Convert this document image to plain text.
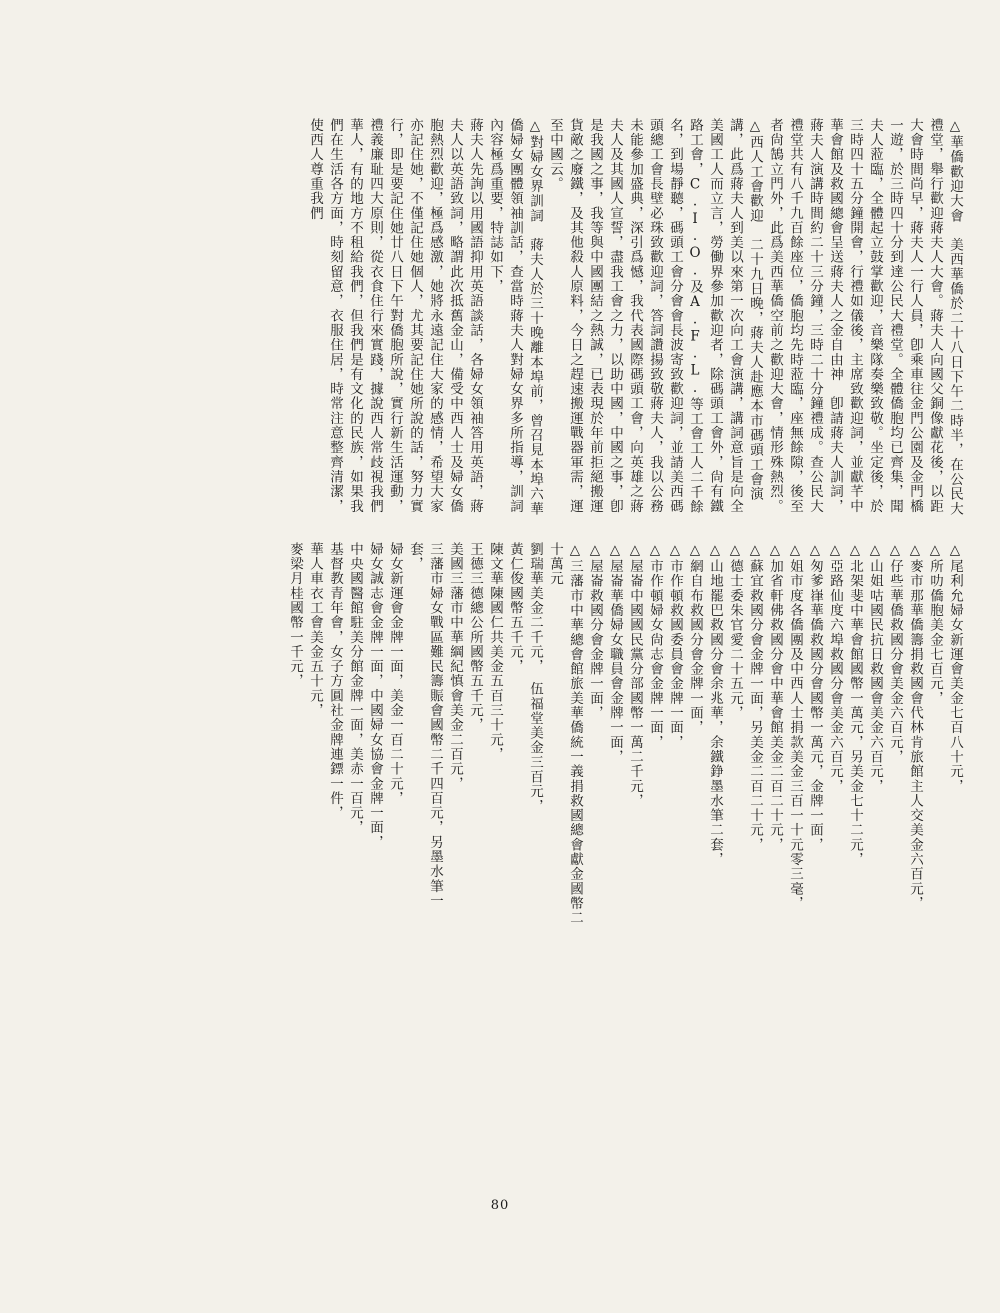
△華僑歡迎大會　美西華僑於二十八日下午二時半，在公民大禮堂，舉行歡迎蔣夫人大會。蔣夫人向國父銅像獻花後，以距大會時間尚早，蔣夫人一行人員，卽乘車往金門公園及金門橋一遊，於三時四十分到達公民大禮堂。全體僑胞均已齊集，聞夫人蒞臨，全體起立鼓掌歡迎，音樂隊奏樂致敬。坐定後，於三時四十五分鐘開會，行禮如儀後，主席致歡迎詞，並獻芊中華會館及救國總會呈送蔣夫人之金自由神　卽請蔣夫人訓詞，蔣夫人演講時間約二十三分鐘，三時二十分鐘禮成。查公民大禮堂共有八千九百餘座位，僑胞均先時蒞臨，座無餘隙，後至者尙鵠立門外，此爲美西華僑空前之歡迎大會，情形殊熱烈。

△西人工會歡迎　二十九日晚，蔣夫人赴應本市碼頭工會演講，此爲蔣夫人到美以來第一次向工會演講，講詞意旨是向全美國工人而立言，勞働界參加歡迎者，除碼頭工會外，尙有鐵路工會，C.I.O.及A.F.L.等工會工人二千餘名，到場靜聽，碼頭工會分會會長波寄致歡迎詞，並請美西碼頭總工會長壁必珠致歡迎詞，答詞讚揚致敬蔣夫人，我以公務未能參加盛典，深引爲憾，我代表國際碼頭工會，向英雄之蔣夫人及其國人宣誓，盡我工會之力，以助中國，中國之事，卽是我國之事，我等與中國團結之熱誠，已表現於年前拒絕搬運貨敵之廢鐵，及其他殺人原料，今日之趕速搬運戰器軍需，運至中國云。

△對婦女界訓詞　蔣夫人於三十晚離本埠前，曾召見本埠六華僑婦女團體領袖訓話，查當時蔣夫人對婦女界多所指導，訓詞內容極爲重要，特誌如下，

蔣夫人先詢以用國語抑用英語談話，各婦女領袖答用英語，蔣夫人以英語致詞，略謂此次抵舊金山，備受中西人士及婦女僑胞熱烈歡迎，極爲感激，她將永遠記住大家的感情，希望大家亦記住她，不僅記住她個人，尤其要記住她所說的話，努力實行，即是要記住她廿八日下午對僑胞所說，實行新生活運動，禮義廉耻四大原則，從衣食住行來實踐，據說西人常歧視我們華人，有的地方不租給我們，但我們是有文化的民族，如果我們在生活各方面，時刻留意，衣服住居，時常注意整齊清潔，使西人尊重我們

△尾利允婦女新運會美金七百八十元，

△所叻僑胞美金七百元，

△麥市那華僑籌捐救國會代林肯旅館主人交美金六百元，

△仔些華僑救國分會美金六百元，

△山姐咕國民抗日救國會美金六百元，

△北架斐中華會館國幣一萬元，另美金七十二元，

△亞路仙度六埠救國分會美金六百元，

△匆爹嵂華僑救國分會國幣一萬元，金牌一面，

△姐市度各僑團及中西人士捐款美金三百一十元零三毫，

△加省軒佛救國分會中華會館美金二百二十元，

△蘇宜救國分會金牌一面，另美金二百二十元，

△德士委朱官愛二十五元，

△山地罷巴救國分會余兆華，余鐵錚墨水筆二套，

△網自布救國分會金牌一面，

△市作頓救國委員會金牌一面，

△市作頓婦女尙志會金牌一面，

△屋崙中國國民黨分部國幣一萬二千元，

△屋崙華僑婦女職員會金牌一面，

△屋崙救國分會金牌一面，

△三藩市中華總會館旅美華僑統一義捐救國總會獻金國幣二十萬元

劉瑞華美金二千元，　伍福堂美金三百元，

黃仁俊國幣五千元，

陳文華陳國仁共美金五百三十元，

王德三德總公所國幣五千元，

美國三藩市中華綱紀慎會美金二百元，

三藩市婦女戰區難民籌賑會國幣二千四百元，另墨水筆一套，

婦女新運會金牌一面，美金一百二十元，

婦女誠志會金牌一面，中國婦女協會金牌一面，

中央國醫館駐美分館金牌一面，美赤一百元，

基督教青年會，女子方圓社金牌連鏢一件，

華人車衣工會美金五十元，

麥梁月桂國幣一千元，

80
